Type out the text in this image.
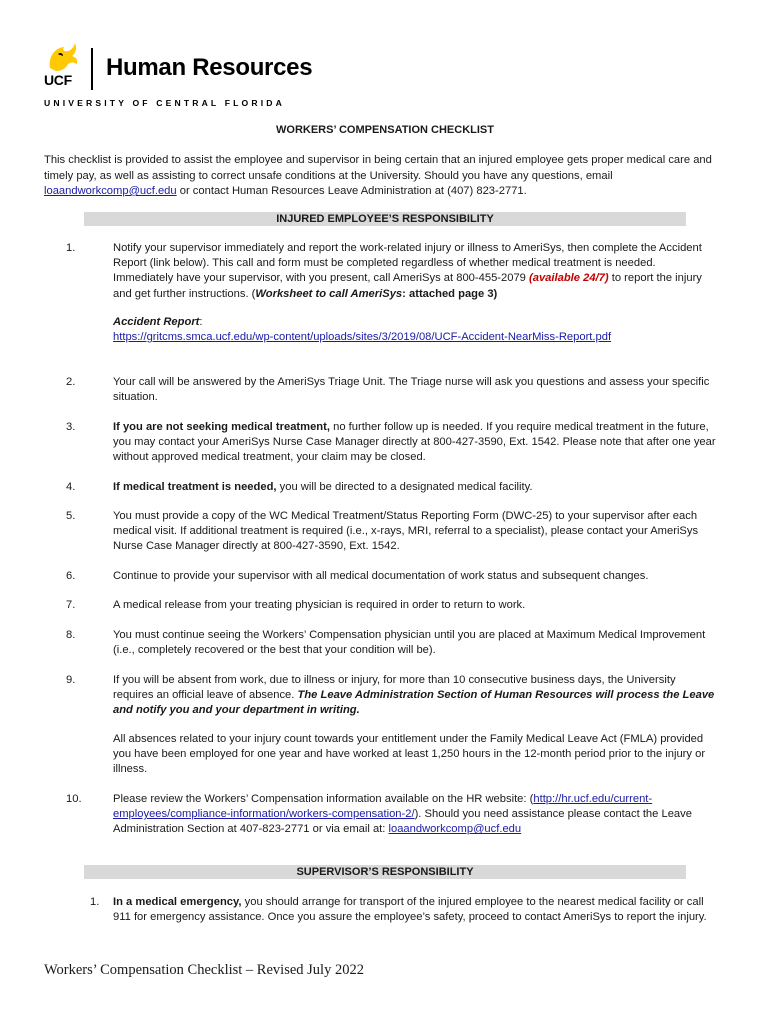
UCF Human Resources
UNIVERSITY OF CENTRAL FLORIDA
WORKERS’ COMPENSATION CHECKLIST
This checklist is provided to assist the employee and supervisor in being certain that an injured employee gets proper medical care and timely pay, as well as assisting to correct unsafe conditions at the University. Should you have any questions, email loaandworkcomp@ucf.edu or contact Human Resources Leave Administration at (407) 823-2771.
INJURED EMPLOYEE’S RESPONSIBILITY
1.	Notify your supervisor immediately and report the work-related injury or illness to AmeriSys, then complete the Accident Report (link below). This call and form must be completed regardless of whether medical treatment is needed. Immediately have your supervisor, with you present, call AmeriSys at 800-455-2079 (available 24/7) to report the injury and get further instructions. (Worksheet to call AmeriSys: attached page 3)

Accident Report:
https://gritcms.smca.ucf.edu/wp-content/uploads/sites/3/2019/08/UCF-Accident-NearMiss-Report.pdf

2.	Your call will be answered by the AmeriSys Triage Unit. The Triage nurse will ask you questions and assess your specific situation.

3.	If you are not seeking medical treatment, no further follow up is needed. If you require medical treatment in the future, you may contact your AmeriSys Nurse Case Manager directly at 800-427-3590, Ext. 1542. Please note that after one year without approved medical treatment, your claim may be closed.

4.	If medical treatment is needed, you will be directed to a designated medical facility.

5.	You must provide a copy of the WC Medical Treatment/Status Reporting Form (DWC-25) to your supervisor after each medical visit. If additional treatment is required (i.e., x-rays, MRI, referral to a specialist), please contact your AmeriSys Nurse Case Manager directly at 800-427-3590, Ext. 1542.

6.	Continue to provide your supervisor with all medical documentation of work status and subsequent changes.

7.	A medical release from your treating physician is required in order to return to work.

8.	You must continue seeing the Workers’ Compensation physician until you are placed at Maximum Medical Improvement (i.e., completely recovered or the best that your condition will be).

9.	If you will be absent from work, due to illness or injury, for more than 10 consecutive business days, the University requires an official leave of absence. The Leave Administration Section of Human Resources will process the Leave and notify you and your department in writing.

All absences related to your injury count towards your entitlement under the Family Medical Leave Act (FMLA) provided you have been employed for one year and have worked at least 1,250 hours in the 12-month period prior to the injury or illness.

10.	Please review the Workers’ Compensation information available on the HR website: (http://hr.ucf.edu/current-employees/compliance-information/workers-compensation-2/). Should you need assistance please contact the Leave Administration Section at 407-823-2771 or via email at: loaandworkcomp@ucf.edu

SUPERVISOR’S RESPONSIBILITY
1. In a medical emergency, you should arrange for transport of the injured employee to the nearest medical facility or call 911 for emergency assistance. Once you assure the employee’s safety, proceed to contact AmeriSys to report the injury.

Workers’ Compensation Checklist – Revised July 2022
